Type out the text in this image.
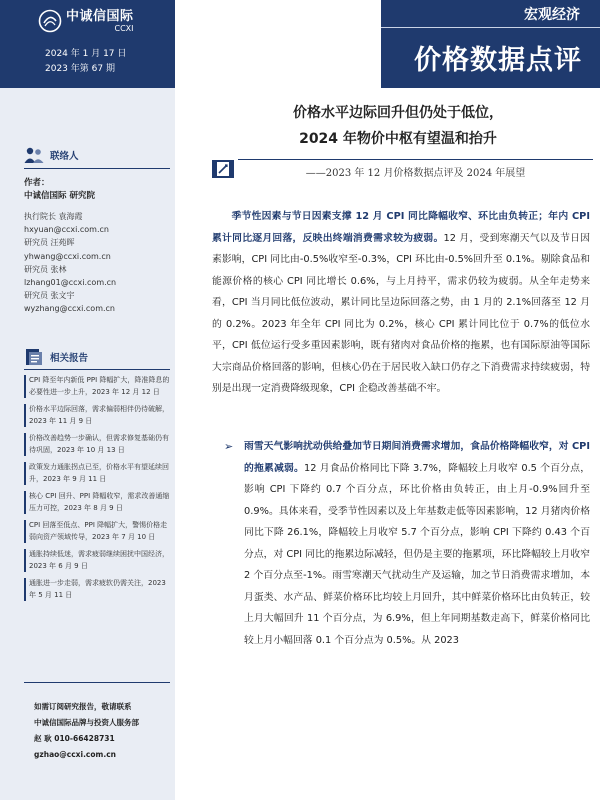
中诚信国际
CCXI
2024 年 1 月 17 日
2023 年第 67 期
宏观经济
价格数据点评
联络人
作者：
中诚信国际 研究院
执行院长 袁海霞
hxyuan@ccxi.com.cn
研究员 汪苑晖
yhwang@ccxi.com.cn
研究员 张林
lzhang01@ccxi.com.cn
研究员 张文宇
wyzhang@ccxi.com.cn
相关报告
CPI 降至年内新低 PPI 降幅扩大，降准降息的必要性进一步上升，2023 年 12 月 12 日
价格水平边际回落，需求偏弱相伴仍待破解，2023 年 11 月 9 日
价格改善趋势一步确认，但需求修复基础仍有待巩固，2023 年 10 月 13 日
政策发力通胀拐点已至，价格水平有望延续回升，2023 年 9 月 11 日
核心 CPI 回升、PPI 降幅收窄，需求改善通缩压力可控，2023 年 8 月 9 日
CPI 回落至低点、PPI 降幅扩大，警惕价格走弱向资产领域传导，2023 年 7 月 10 日
通胀持续低迷，需求疲弱继续困扰中国经济，2023 年 6 月 9 日
通胀进一步走弱，需求疲软仍需关注，2023 年 5 月 11 日
如需订阅研究报告，敬请联系
中诚信国际品牌与投资人服务部
赵 耿 010-66428731
gzhao@ccxi.com.cn
价格水平边际回升但仍处于低位，
2024 年物价中枢有望温和抬升
——2023 年 12 月价格数据点评及 2024 年展望
季节性因素与节日因素支撑 12 月 CPI 同比降幅收窄、环比由负转正；年内 CPI 累计同比逐月回落，反映出终端消费需求较为疲弱。12 月，受到寒潮天气以及节日因素影响，CPI 同比由-0.5%收窄至-0.3%，CPI 环比由-0.5%回升至 0.1%。剔除食品和能源价格的核心 CPI 同比增长 0.6%，与上月持平，需求仍较为疲弱。从全年走势来看，CPI 当月同比低位波动，累计同比呈边际回落之势，由 1 月的 2.1%回落至 12 月的 0.2%。2023 年全年 CPI 同比为 0.2%，核心 CPI 累计同比位于 0.7%的低位水平，CPI 低位运行受多重因素影响，既有猪肉对食品价格的拖累，也有国际原油等国际大宗商品价格回落的影响，但核心仍在于居民收入缺口仍存之下消费需求持续疲弱，特别是出现一定消费降级现象，CPI 企稳改善基础不牢。
➢ 雨雪天气影响扰动供给叠加节日期间消费需求增加，食品价格降幅收窄，对 CPI 的拖累减弱。12 月食品价格同比下降 3.7%，降幅较上月收窄 0.5 个百分点，影响 CPI 下降约 0.7 个百分点，环比价格由负转正，由上月-0.9%回升至 0.9%。具体来看，受季节性因素以及上年基数走低等因素影响，12 月猪肉价格同比下降 26.1%，降幅较上月收窄 5.7 个百分点，影响 CPI 下降约 0.43 个百分点，对 CPI 同比的拖累边际减轻，但仍是主要的拖累项，环比降幅较上月收窄 2 个百分点至-1%。雨雪寒潮天气扰动生产及运输，加之节日消费需求增加，本月蛋类、水产品、鲜菜价格环比均较上月回升，其中鲜菜价格环比由负转正，较上月大幅回升 11 个百分点，为 6.9%，但上年同期基数走高下，鲜菜价格同比较上月小幅回落 0.1 个百分点为 0.5%。从 2023
